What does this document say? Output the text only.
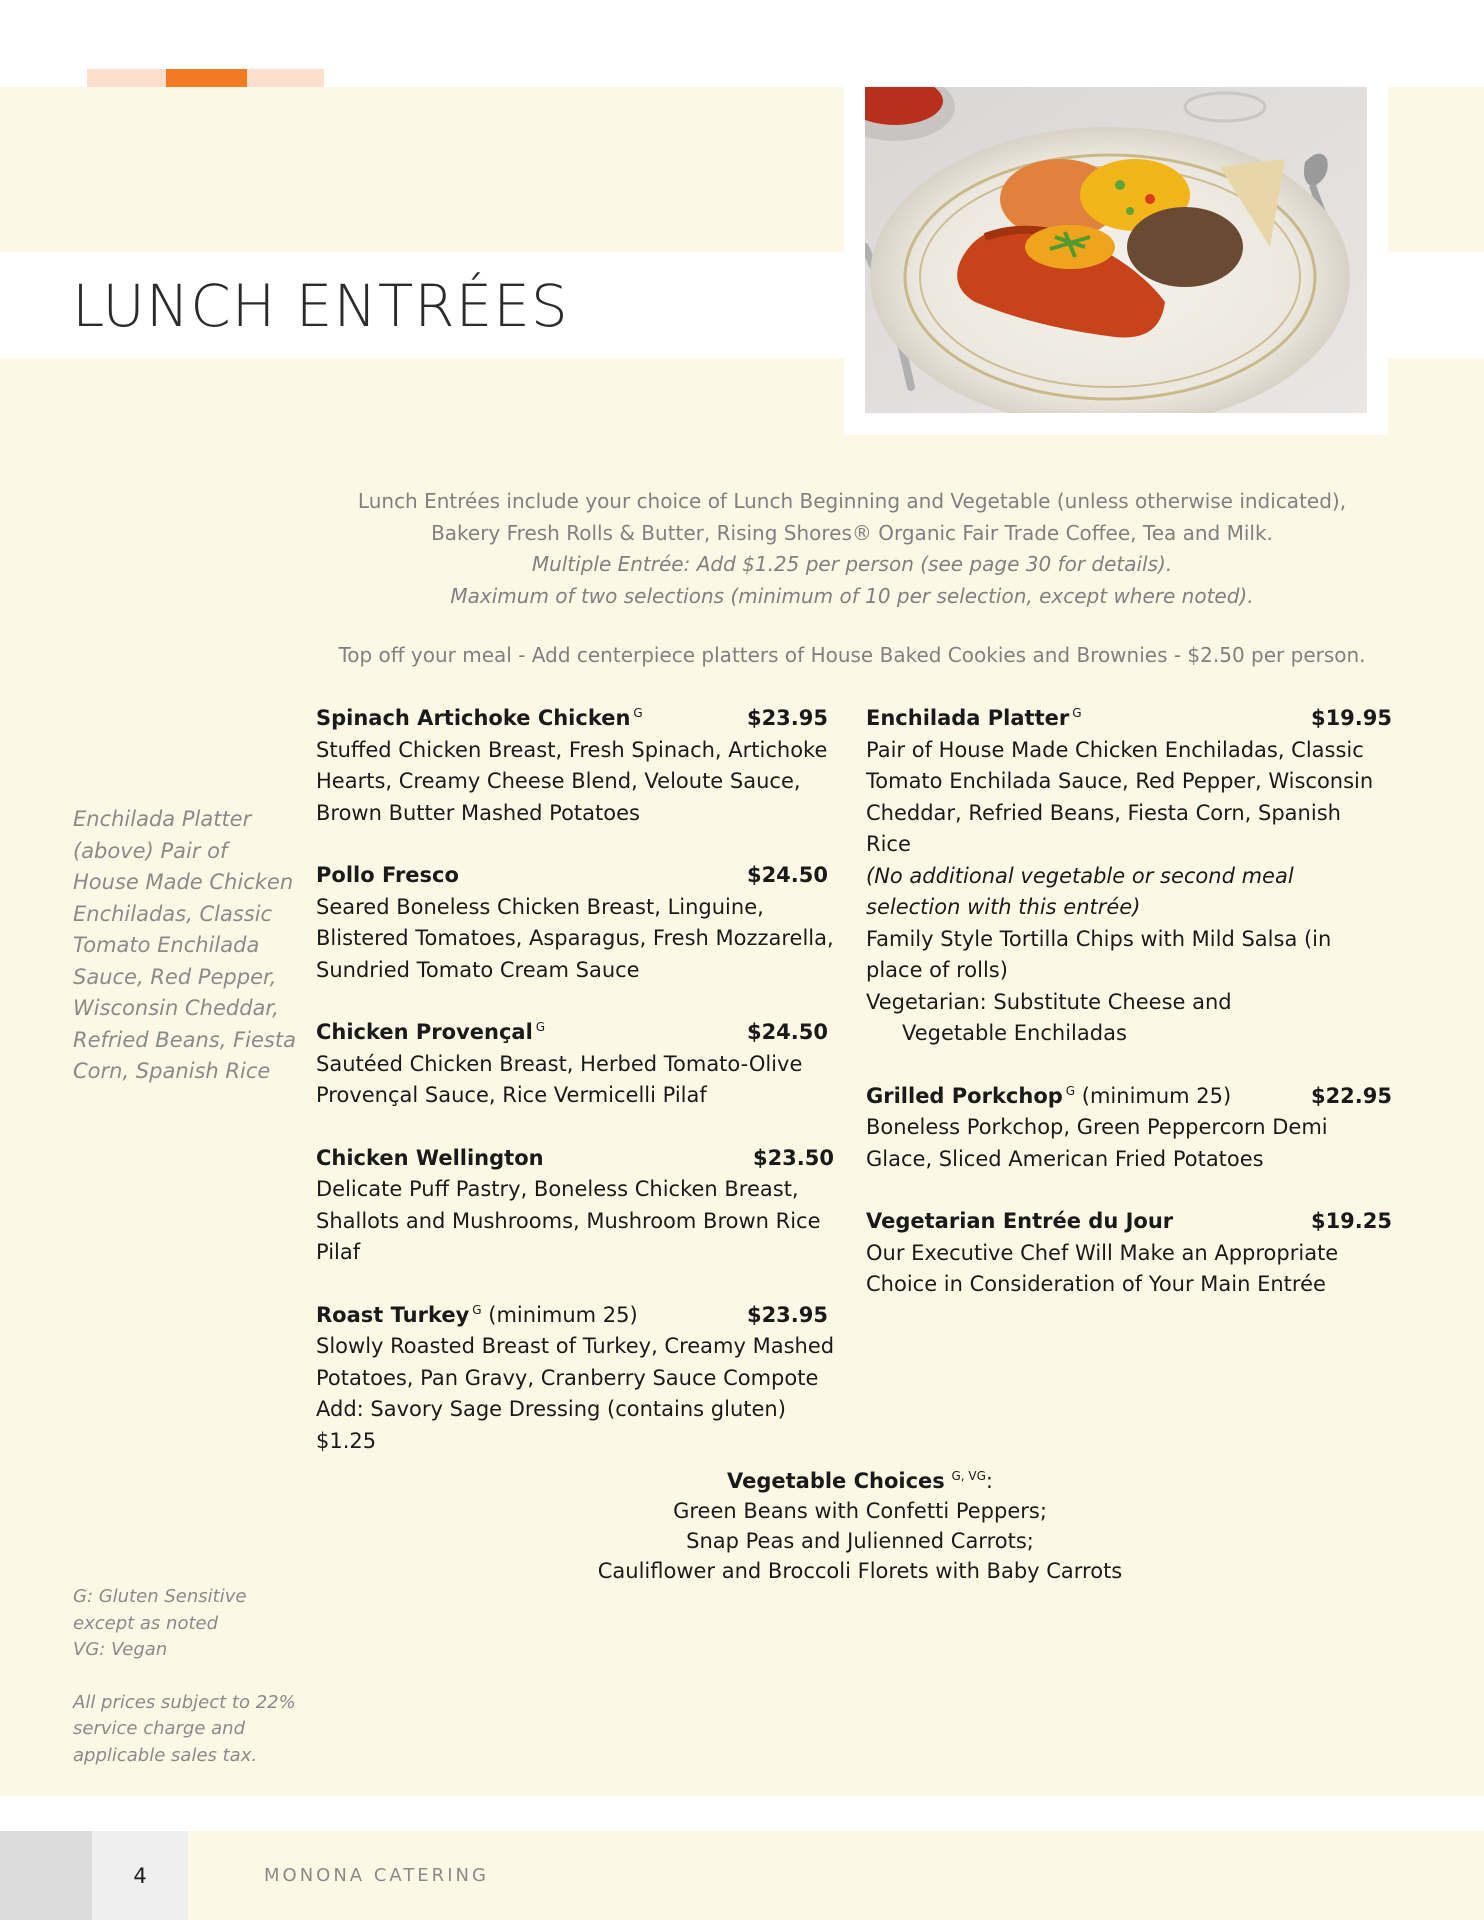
LUNCH ENTRÉES
Lunch Entrées include your choice of Lunch Beginning and Vegetable (unless otherwise indicated),
Bakery Fresh Rolls & Butter, Rising Shores® Organic Fair Trade Coffee, Tea and Milk.
Multiple Entrée: Add $1.25 per person (see page 30 for details).
Maximum of two selections (minimum of 10 per selection, except where noted).
Top off your meal - Add centerpiece platters of House Baked Cookies and Brownies - $2.50 per person.
Enchilada Platter (above) Pair of House Made Chicken Enchiladas, Classic Tomato Enchilada Sauce, Red Pepper, Wisconsin Cheddar, Refried Beans, Fiesta Corn, Spanish Rice

G: Gluten Sensitive except as noted
VG: Vegan

All prices subject to 22% service charge and applicable sales tax.

Spinach Artichoke Chicken $^G$	$23.95
Stuffed Chicken Breast, Fresh Spinach, Artichoke Hearts, Creamy Cheese Blend, Veloute Sauce, Brown Butter Mashed Potatoes
Pollo Fresco	$24.50
Seared Boneless Chicken Breast, Linguine, Blistered Tomatoes, Asparagus, Fresh Mozzarella, Sundried Tomato Cream Sauce
Chicken Provençal $^G$	$24.50
Sautéed Chicken Breast, Herbed Tomato-Olive Provençal Sauce, Rice Vermicelli Pilaf
Chicken Wellington	$23.50
Delicate Puff Pastry, Boneless Chicken Breast, Shallots and Mushrooms, Mushroom Brown Rice Pilaf
Roast Turkey $^G$ (minimum 25)	$23.95
Slowly Roasted Breast of Turkey, Creamy Mashed Potatoes, Pan Gravy, Cranberry Sauce Compote
Add: Savory Sage Dressing (contains gluten) $1.25
Enchilada Platter $^G$	$19.95
Pair of House Made Chicken Enchiladas, Classic Tomato Enchilada Sauce, Red Pepper, Wisconsin Cheddar, Refried Beans, Fiesta Corn, Spanish Rice
(No additional vegetable or second meal selection with this entrée)
Family Style Tortilla Chips with Mild Salsa (in place of rolls)
Vegetarian: Substitute Cheese and
Vegetable Enchiladas
Grilled Porkchop $^G$ (minimum 25)	$22.95
Boneless Porkchop, Green Peppercorn Demi Glace, Sliced American Fried Potatoes
Vegetarian Entrée du Jour	$19.25
Our Executive Chef Will Make an Appropriate Choice in Consideration of Your Main Entrée
Vegetable Choices $^{G, VG}$:
Green Beans with Confetti Peppers;
Snap Peas and Julienned Carrots;
Cauliflower and Broccoli Florets with Baby Carrots
4	MONONA CATERING
